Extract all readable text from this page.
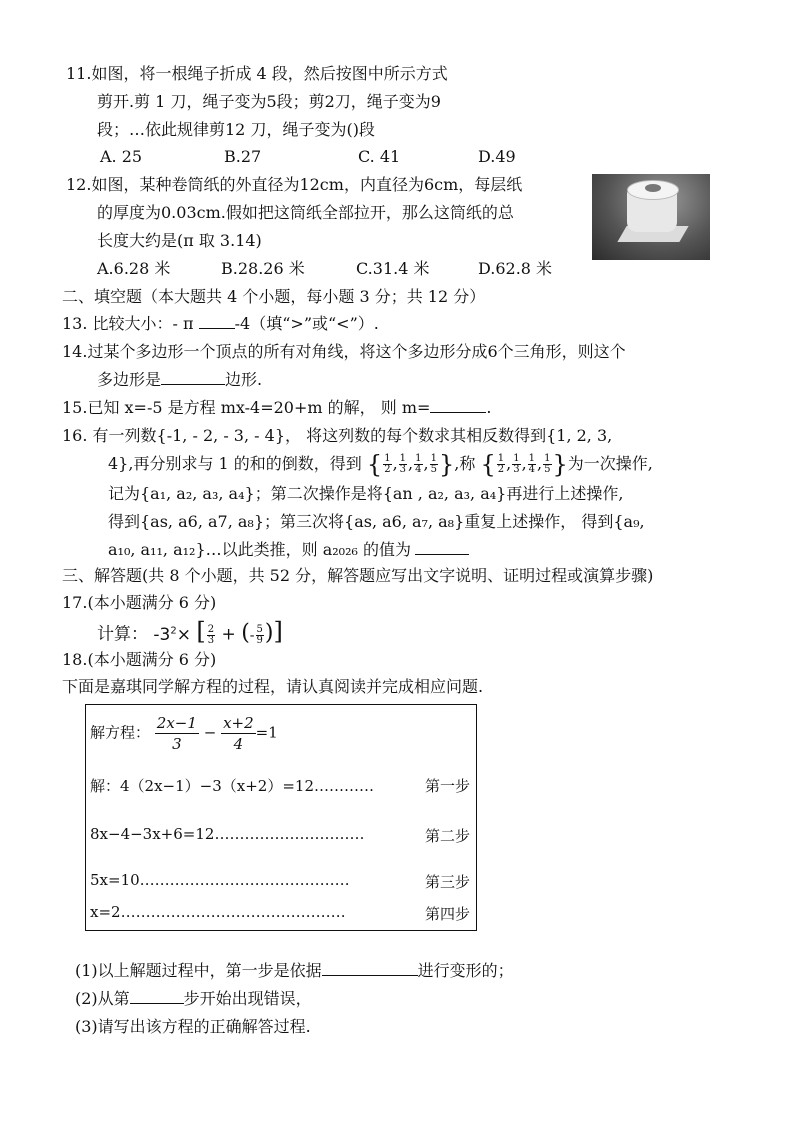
11.如图，将一根绳子折成 4 段，然后按图中所示方式
剪开.剪 1 刀，绳子变为5段；剪2刀，绳子变为9
段；…依此规律剪12 刀，绳子变为()段
A. 25	B.27	C. 41	D.49
12.如图，某种卷筒纸的外直径为12cm，内直径为6cm，每层纸
的厚度为0.03cm.假如把这筒纸全部拉开，那么这筒纸的总
长度大约是(π 取 3.14)
A.6.28 米	B.28.26 米	C.31.4 米	D.62.8 米
二、填空题（本大题共 4 个小题，每小题 3 分；共 12 分）
13. 比较大小：- π -4（填“>”或“<”）.
14.过某个多边形一个顶点的所有对角线，将这个多边形分成6个三角形，则这个
多边形是	边形.
15.已知 x=-5 是方程 mx-4=20+m 的解， 则 m=	.
16. 有一列数{-1, - 2, - 3, - 4}， 将这列数的每个数求其相反数得到{1, 2, 3,
4},再分别求与 1 的和的倒数，得到 { $\frac{1}{2}$ , $\frac{1}{3}$ , $\frac{1}{4}$ , $\frac{1}{5}$ },称 { $\frac{1}{2}$ , $\frac{1}{3}$ , $\frac{1}{4}$ , $\frac{1}{5}$ }为一次操作,
记为{a₁, a₂, a₃, a₄}；第二次操作是将{an , a₂, a₃, a₄}再进行上述操作,
得到{as, a6, a7, a₈}；第三次将{as, a6, a₇, a₈}重复上述操作， 得到{a₉,
a₁₀, a₁₁, a₁₂}…以此类推，则 a₂₀₂₆ 的值为
三、解答题(共 8 个小题，共 52 分，解答题应写出文字说明、证明过程或演算步骤)
17.(本小题满分 6 分)
计算： $-3^2\times$ [ $\frac{2}{3}$ + (- $\frac{5}{9}$ )]
18.(本小题满分 6 分)
下面是嘉琪同学解方程的过程，请认真阅读并完成相应问题.
解方程： $\frac{2x-1}{3} - \frac{x+2}{4} =1$
解：4（2x−1）−3（x+2）=12…………	第一步
8x−4−3x+6=12…………………………	第二步
5x=10……………………………………	第三步
x=2………………………………………	第四步
(1)以上解题过程中，第一步是依据	进行变形的；
(2)从第	步开始出现错误，
(3)请写出该方程的正确解答过程.
